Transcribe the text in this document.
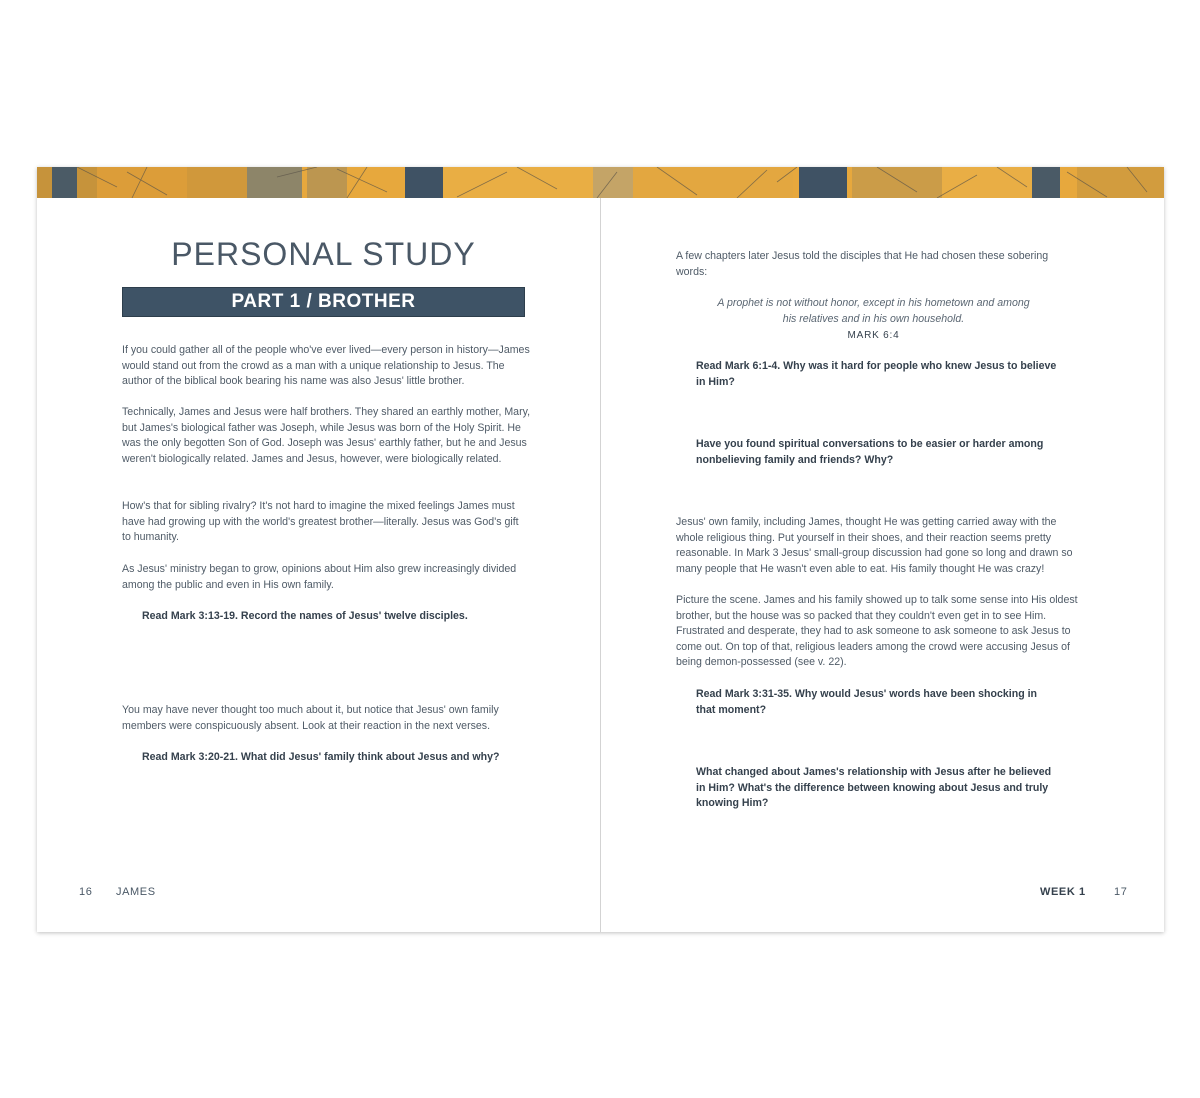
PERSONAL STUDY
PART 1 / BROTHER

If you could gather all of the people who've ever lived—every person in history—James would stand out from the crowd as a man with a unique relationship to Jesus. The author of the biblical book bearing his name was also Jesus' little brother.

Technically, James and Jesus were half brothers. They shared an earthly mother, Mary, but James's biological father was Joseph, while Jesus was born of the Holy Spirit. He was the only begotten Son of God. Joseph was Jesus' earthly father, but he and Jesus weren't biologically related. James and Jesus, however, were biologically related.

How's that for sibling rivalry? It's not hard to imagine the mixed feelings James must have had growing up with the world's greatest brother—literally. Jesus was God's gift to humanity.

As Jesus' ministry began to grow, opinions about Him also grew increasingly divided among the public and even in His own family.

Read Mark 3:13-19. Record the names of Jesus' twelve disciples.

You may have never thought too much about it, but notice that Jesus' own family members were conspicuously absent. Look at their reaction in the next verses.

Read Mark 3:20-21. What did Jesus' family think about Jesus and why?

16 JAMES

A few chapters later Jesus told the disciples that He had chosen these sobering words:

A prophet is not without honor, except in his hometown and among his relatives and in his own household.

MARK 6:4

Read Mark 6:1-4. Why was it hard for people who knew Jesus to believe in Him?

Have you found spiritual conversations to be easier or harder among nonbelieving family and friends? Why?

Jesus' own family, including James, thought He was getting carried away with the whole religious thing. Put yourself in their shoes, and their reaction seems pretty reasonable. In Mark 3 Jesus' small-group discussion had gone so long and drawn so many people that He wasn't even able to eat. His family thought He was crazy!

Picture the scene. James and his family showed up to talk some sense into His oldest brother, but the house was so packed that they couldn't even get in to see Him. Frustrated and desperate, they had to ask someone to ask someone to ask Jesus to come out. On top of that, religious leaders among the crowd were accusing Jesus of being demon-possessed (see v. 22).

Read Mark 3:31-35. Why would Jesus' words have been shocking in that moment?

What changed about James's relationship with Jesus after he believed in Him? What's the difference between knowing about Jesus and truly knowing Him?

WEEK 1	17
